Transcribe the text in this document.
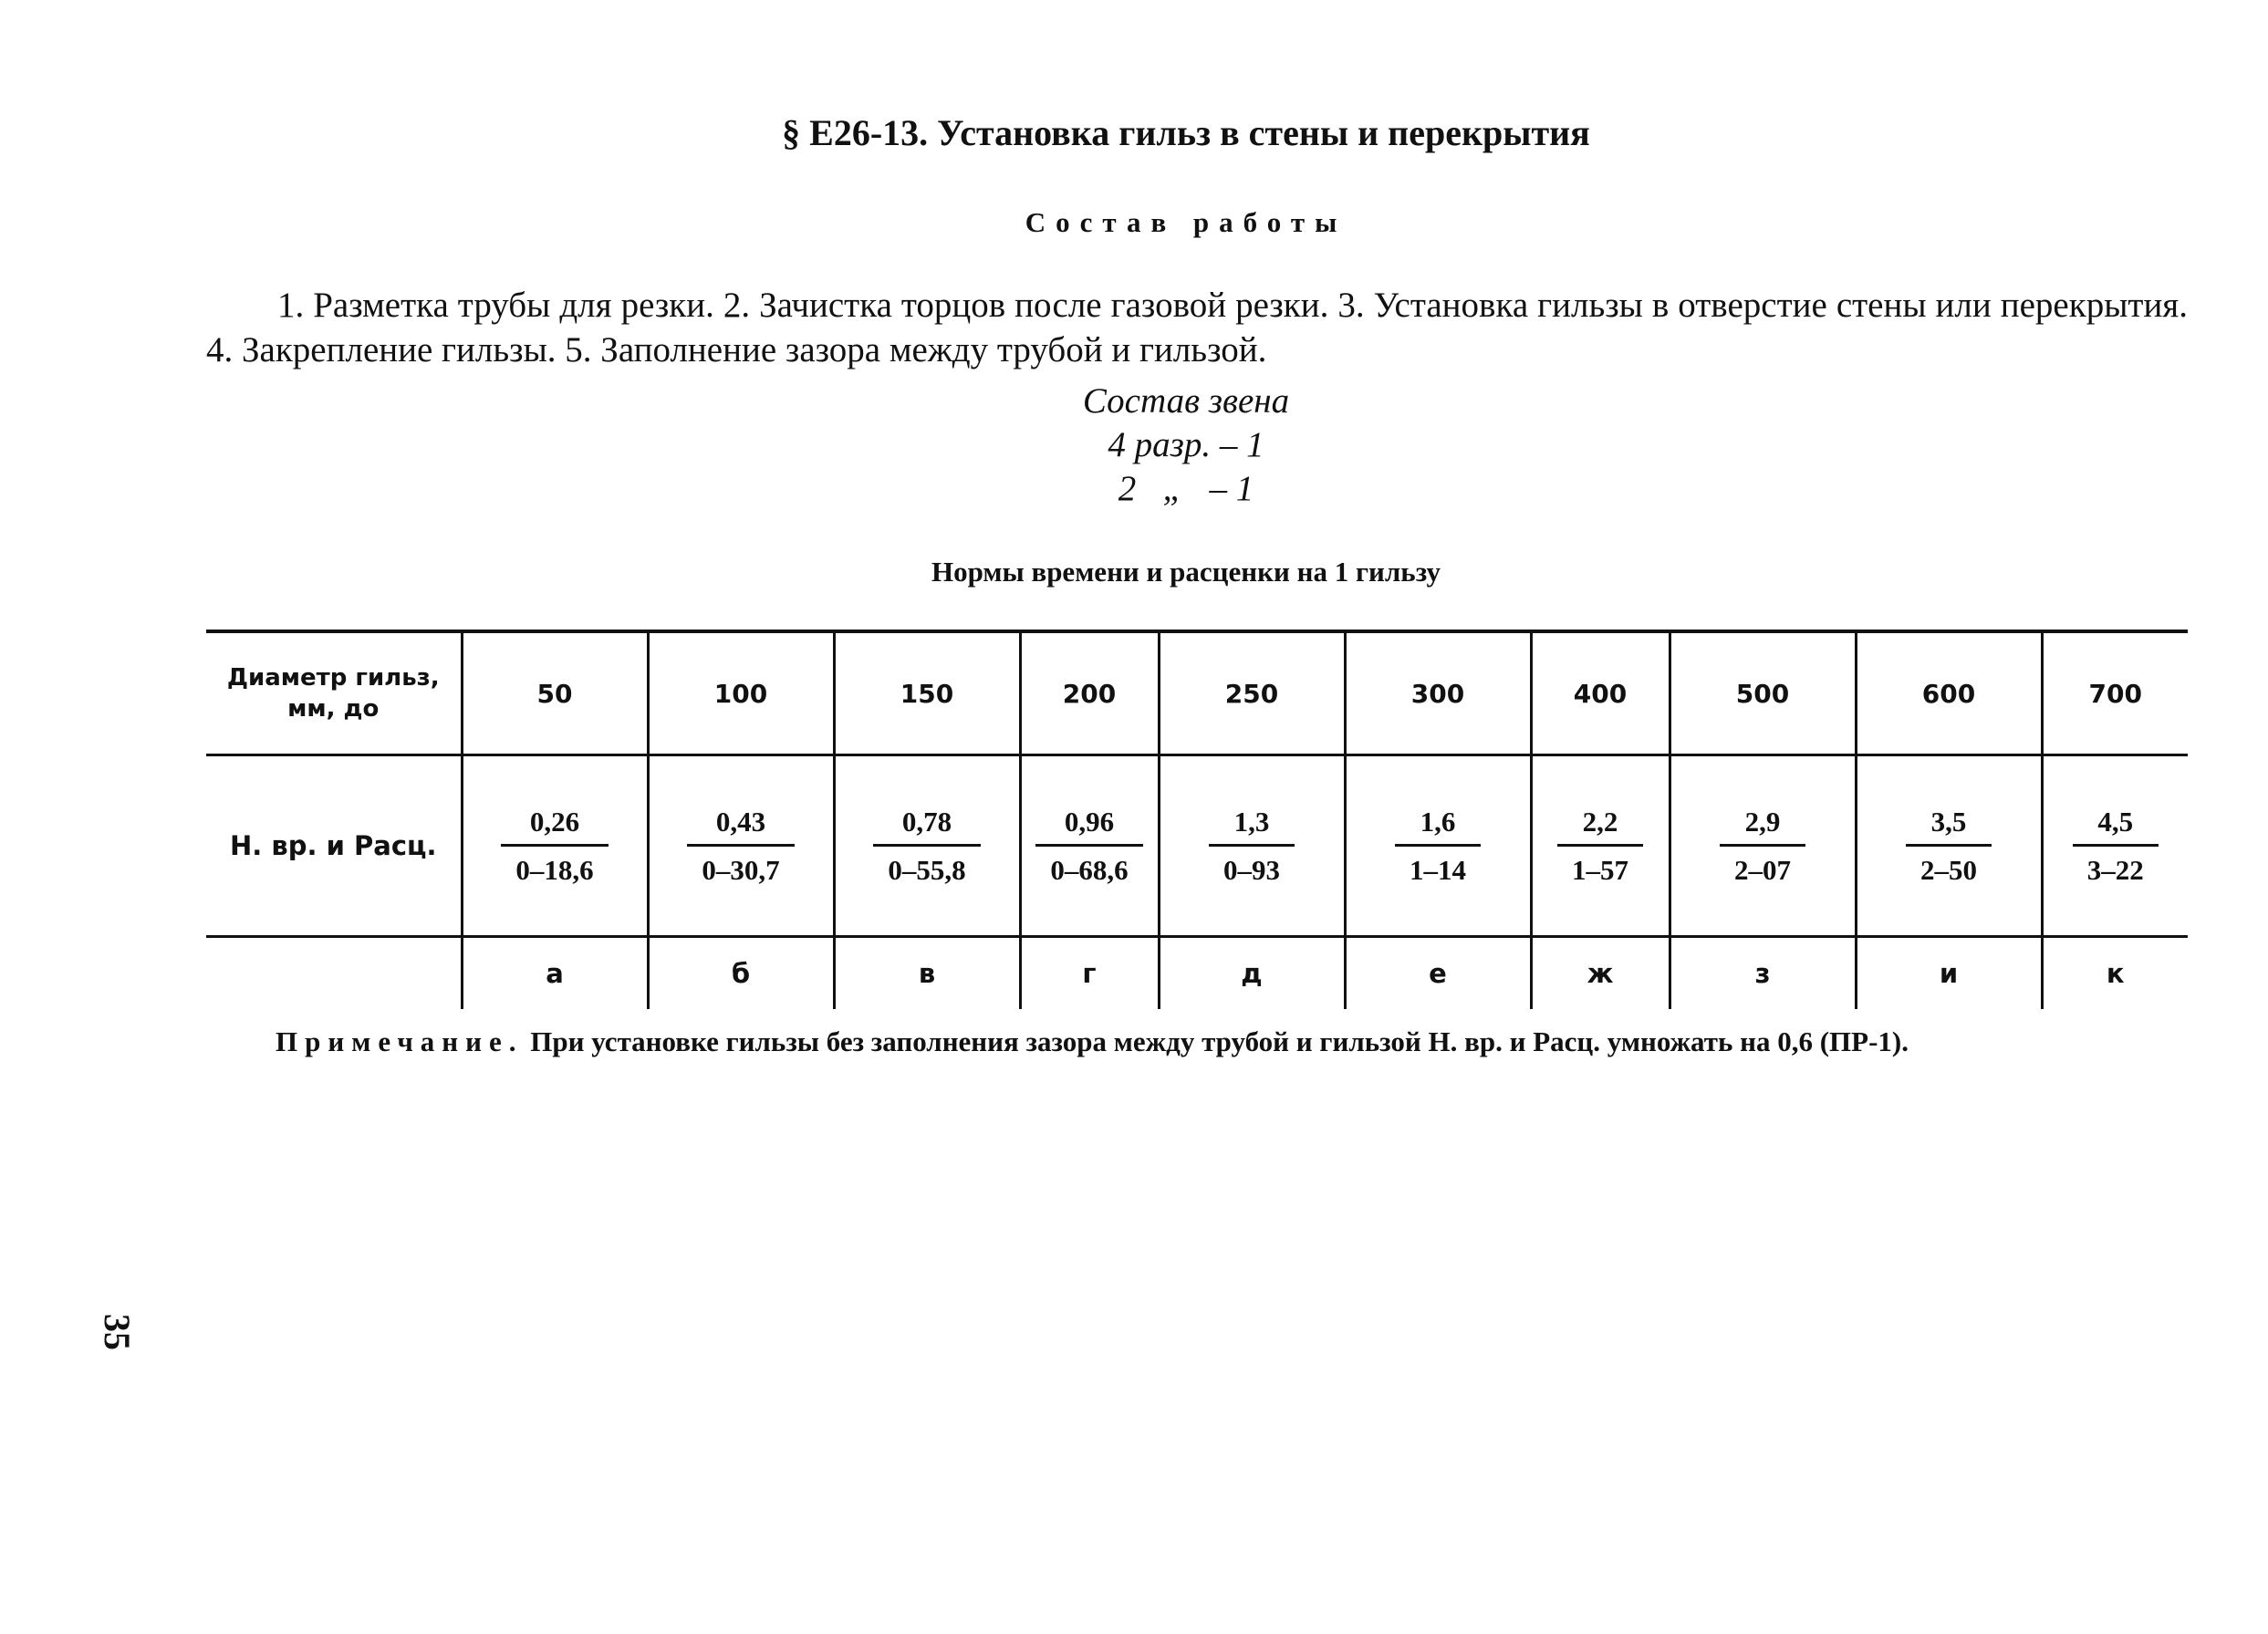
§ Е26-13. Установка гильз в стены и перекрытия
Состав работы
1. Разметка трубы для резки. 2. Зачистка торцов после газовой резки. 3. Установка гильзы в отверстие стены или перекрытия. 4. Закрепление гильзы. 5. Заполнение зазора между трубой и гильзой.
Состав звена
4 разр. – 1
2   „   – 1
Нормы времени и расценки на 1 гильзу
Диаметр гильз, мм, до	50	100	150	200	250	300	400	500	600	700
Н. вр. и Расц.	$\frac{0,26}{0-18,6}$	$\frac{0,43}{0-30,7}$	$\frac{0,78}{0-55,8}$	$\frac{0,96}{0-68,6}$	$\frac{1,3}{0-93}$	$\frac{1,6}{1-14}$	$\frac{2,2}{1-57}$	$\frac{2,9}{2-07}$	$\frac{3,5}{2-50}$	$\frac{4,5}{3-22}$

	а	б	в	г	д	е	ж	з	и	к
Примечание. При установке гильзы без заполнения зазора между трубой и гильзой Н. вр. и Расц. умножать на 0,6 (ПР-1).
35
